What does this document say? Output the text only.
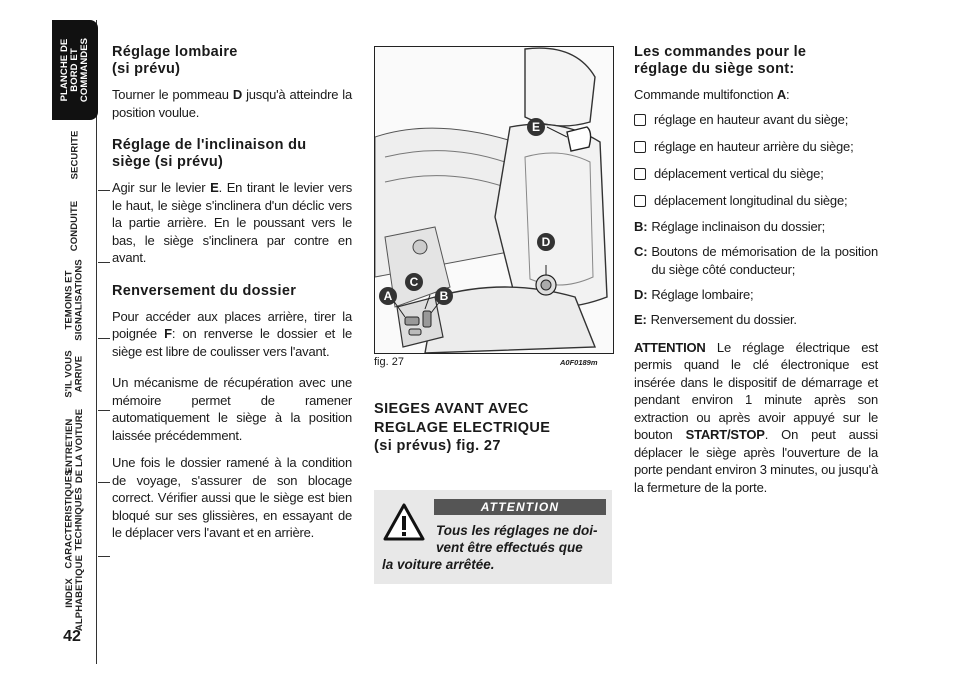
PLANCHE DE
BORD ET
COMMANDES
SECURITE
CONDUITE
TEMOINS ET
SIGNALISATIONS
S'IL VOUS
ARRIVE
ENTRETIEN
DE LA VOITURE
CARACTERISTIQUES
TECHNIQUES
INDEX
ALPHABETIQUE
42
Réglage lombaire
(si prévu)

Tourner le pommeau D jusqu'à atteindre la position voulue.

Réglage de l'inclinaison du
siège (si prévu)

Agir sur le levier E. En tirant le levier vers le haut, le siège s'inclinera d'un déclic vers la partie arrière. En le poussant vers le bas, le siège s'inclinera par contre en avant.

Renversement du dossier

Pour accéder aux places arrière, tirer la poignée F: on renverse le dossier et le siège est libre de coulisser vers l'avant.

Un mécanisme de récupération avec une mémoire permet de ramener automatiquement le siège à la position laissée précédemment.

Une fois le dossier ramené à la condition de voyage, s'assurer de son blocage correct. Vérifier aussi que le siège est bien bloqué sur ses glissières, en essayant de le déplacer vers l'avant et en arrière.

A	B
C
D
E
fig. 27	A0F0189m
SIEGES AVANT AVEC
REGLAGE ELECTRIQUE
(si prévus) fig. 27
ATTENTION
Tous les réglages ne doi-
vent être effectués que
la voiture arrêtée.
Les commandes pour le
réglage du siège sont:

Commande multifonction A:

réglage en hauteur avant du siège;
réglage en hauteur arrière du siège;
déplacement vertical du siège;
déplacement longitudinal du siège;
B: Réglage inclinaison du dossier;
C: Boutons de mémorisation de la position du siège côté conducteur;
D: Réglage lombaire;
E: Renversement du dossier.

ATTENTION Le réglage électrique est permis quand le clé électronique est insérée dans le dispositif de démarrage et pendant environ 1 minute après son extraction ou après avoir appuyé sur le bouton START/STOP. On peut aussi déplacer le siège après l'ouverture de la porte pendant environ 3 minutes, ou jusqu'à la fermeture de la porte.
